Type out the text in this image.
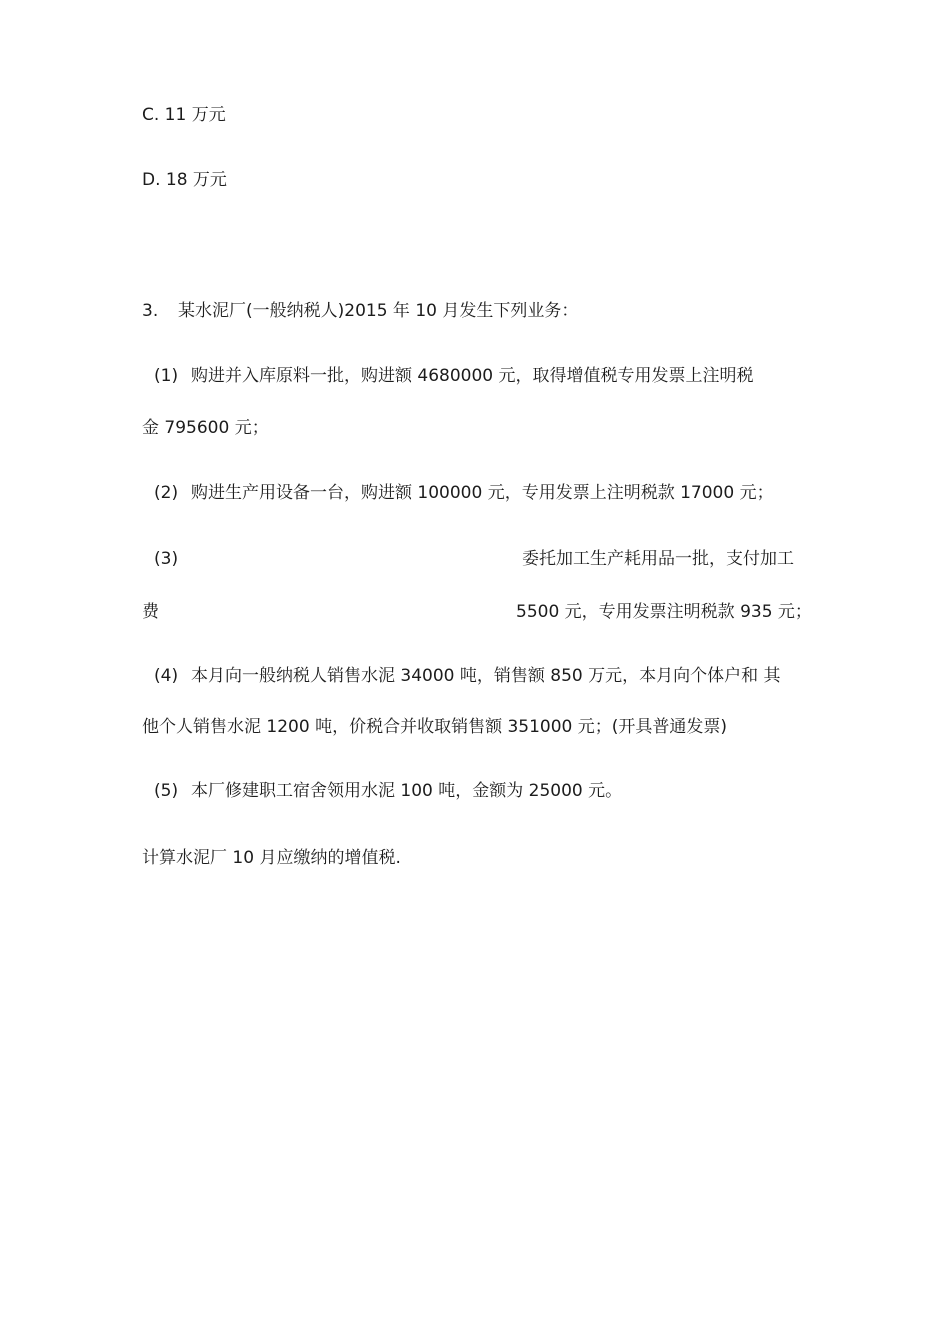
C. 11 万元
D. 18 万元
3. 某水泥厂(一般纳税人)2015 年 10 月发生下列业务：
(1) 购进并入库原料一批，购进额 4680000 元，取得增值税专用发票上注明税
金 795600 元；
(2) 购进生产用设备一台，购进额 100000 元，专用发票上注明税款 17000 元；
(3)	委托加工生产耗用品一批，支付加工
费	5500 元，专用发票注明税款 935 元；
(4) 本月向一般纳税人销售水泥 34000 吨，销售额 850 万元，本月向个体户和 其
他个人销售水泥 1200 吨，价税合并收取销售额 351000 元；(开具普通发票)
(5) 本厂修建职工宿舍领用水泥 100 吨，金额为 25000 元。
计算水泥厂 10 月应缴纳的增值税.
